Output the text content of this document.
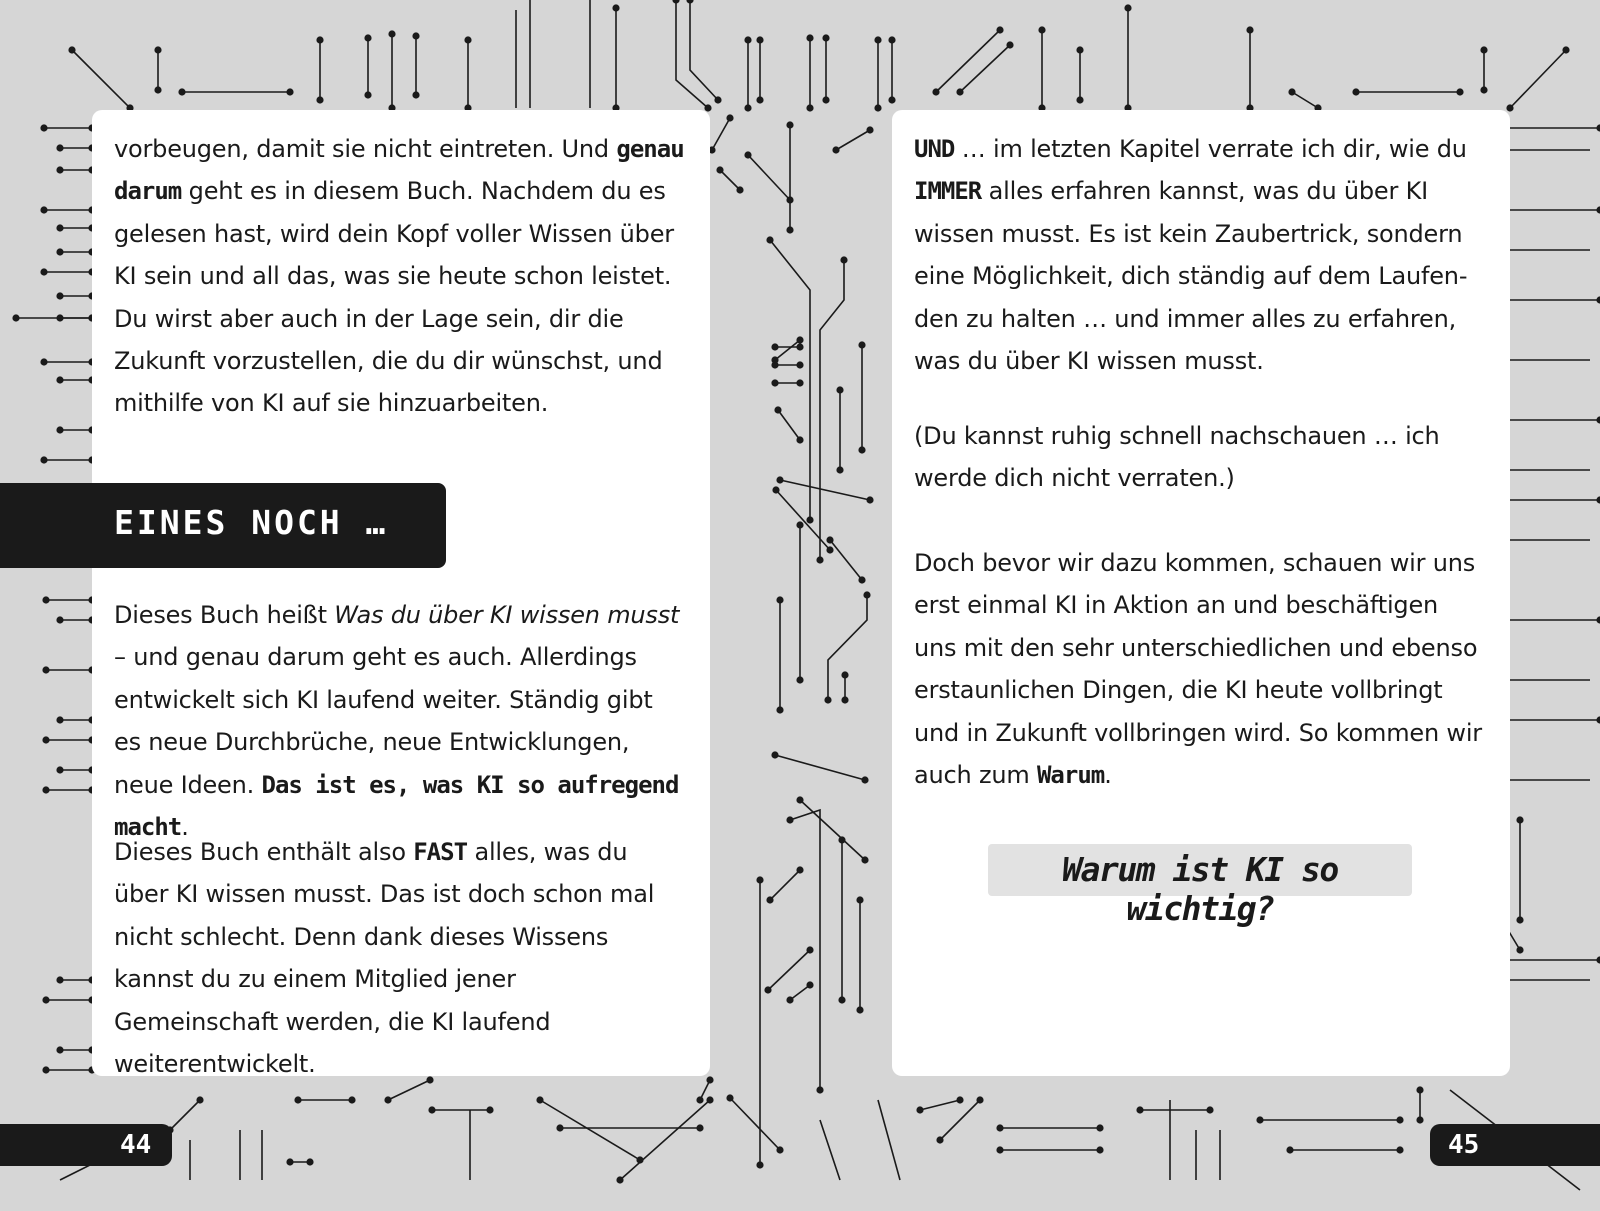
vorbeugen, damit sie nicht eintreten. Und genau darum geht es in diesem Buch. Nachdem du es gelesen hast, wird dein Kopf voller Wissen über KI sein und all das, was sie heute schon leistet. Du wirst aber auch in der Lage sein, dir die Zukunft vorzustellen, die du dir wünschst, und mithilfe von KI auf sie hinzuarbeiten.

Dieses Buch heißt Was du über KI wissen musst – und genau darum geht es auch. Allerdings entwickelt sich KI laufend weiter. Ständig gibt es neue Durchbrüche, neue Entwicklungen, neue Ideen. Das ist es, was KI so aufregend macht.

Dieses Buch enthält also FAST alles, was du über KI wissen musst. Das ist doch schon mal nicht schlecht. Denn dank dieses Wissens kannst du zu einem Mitglied jener Gemeinschaft werden, die KI laufend weiterentwickelt.

EINES NOCH …

UND … im letzten Kapitel verrate ich dir, wie du IMMER alles erfahren kannst, was du über KI wissen musst. Es ist kein Zaubertrick, sondern eine Möglichkeit, dich ständig auf dem Laufenden zu halten … und immer alles zu erfahren, was du über KI wissen musst.

(Du kannst ruhig schnell nachschauen … ich werde dich nicht verraten.)

Doch bevor wir dazu kommen, schauen wir uns erst einmal KI in Aktion an und beschäftigen uns mit den sehr unterschiedlichen und ebenso erstaunlichen Dingen, die KI heute vollbringt und in Zukunft vollbringen wird. So kommen wir auch zum Warum.

Warum ist KI so wichtig?

44	45
